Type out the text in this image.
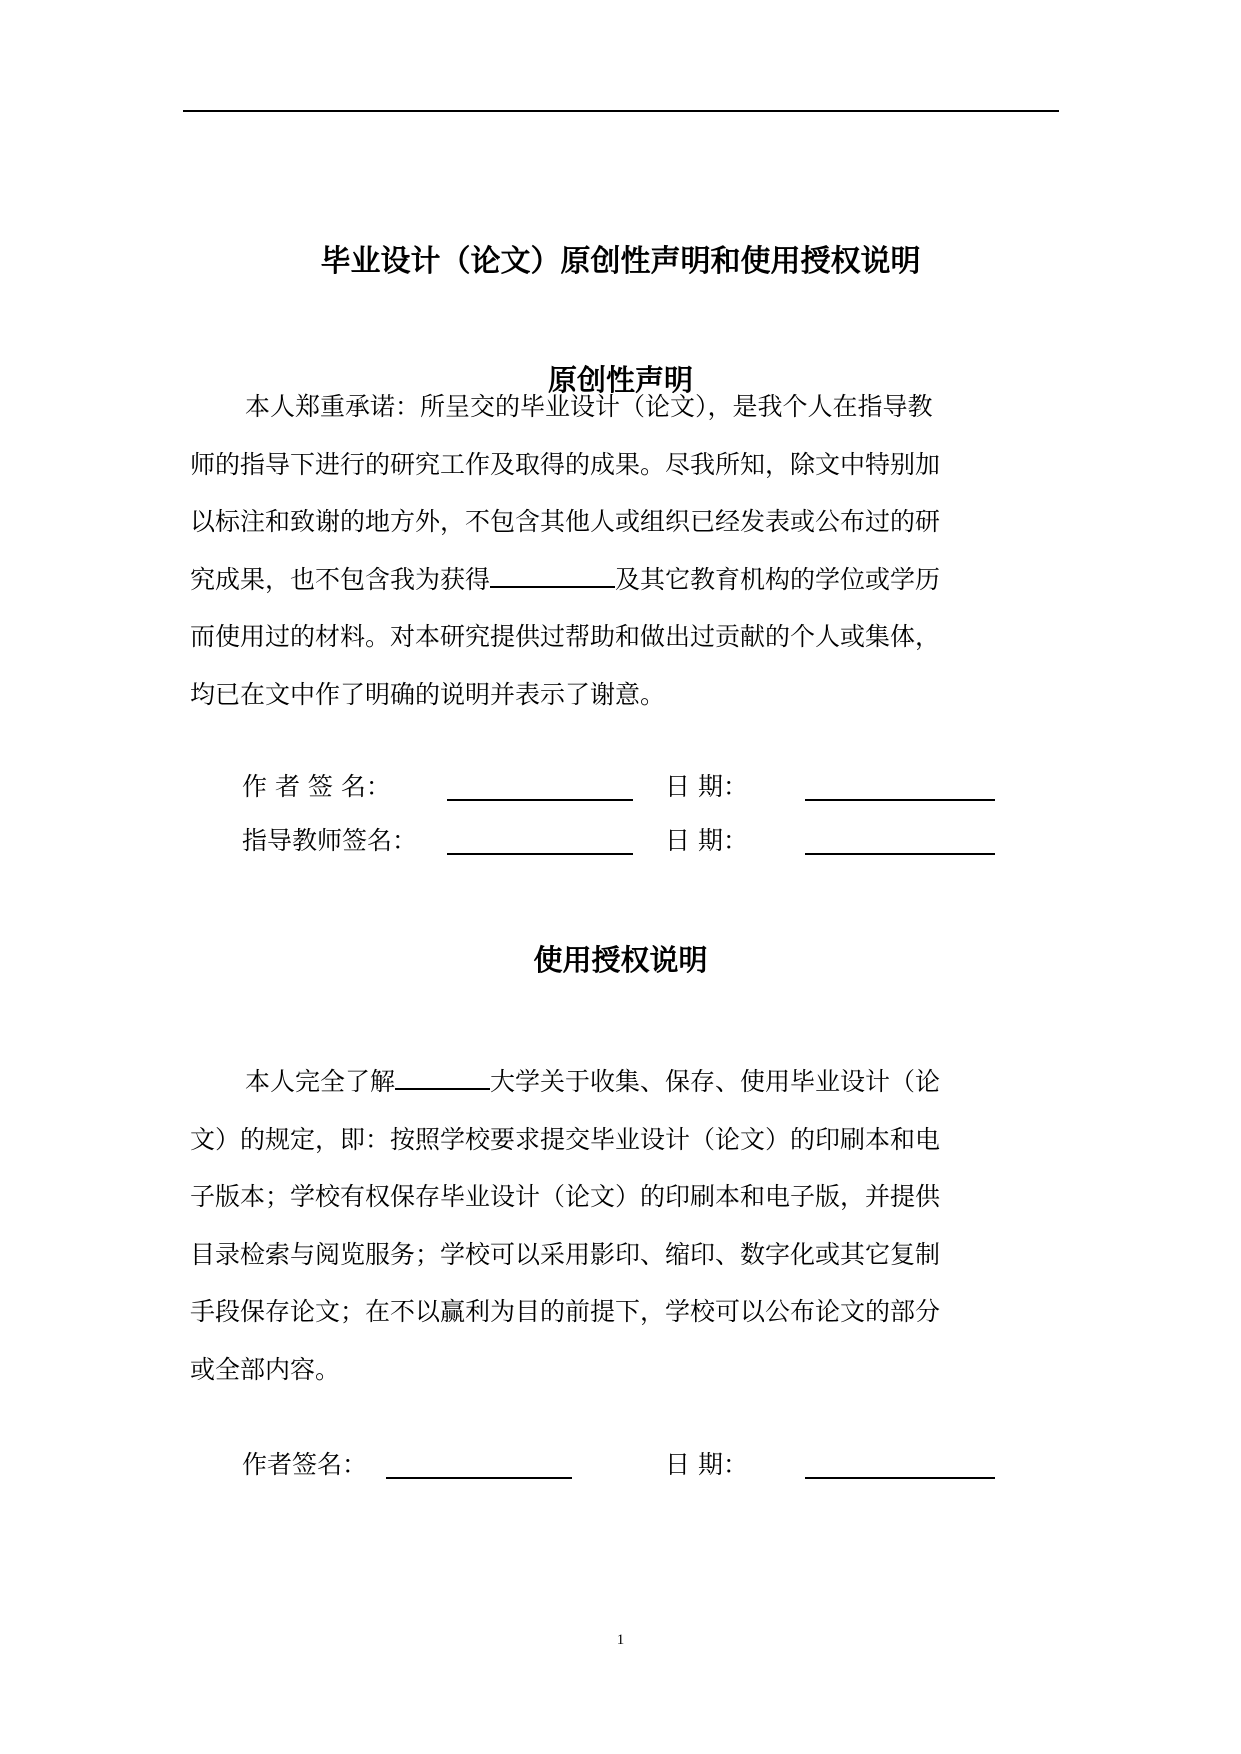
毕业设计（论文）原创性声明和使用授权说明
原创性声明
本人郑重承诺：所呈交的毕业设计（论文），是我个人在指导教
师的指导下进行的研究工作及取得的成果。尽我所知，除文中特别加
以标注和致谢的地方外，不包含其他人或组织已经发表或公布过的研
究成果，也不包含我为获得	及其它教育机构的学位或学历
而使用过的材料。对本研究提供过帮助和做出过贡献的个人或集体，
均已在文中作了明确的说明并表示了谢意。
作 者 签 名：	日 期：
指导教师签名：	日 期：
使用授权说明
本人完全了解	大学关于收集、保存、使用毕业设计（论
文）的规定，即：按照学校要求提交毕业设计（论文）的印刷本和电
子版本；学校有权保存毕业设计（论文）的印刷本和电子版，并提供
目录检索与阅览服务；学校可以采用影印、缩印、数字化或其它复制
手段保存论文；在不以赢利为目的前提下，学校可以公布论文的部分
或全部内容。
作者签名：	日 期：
1
